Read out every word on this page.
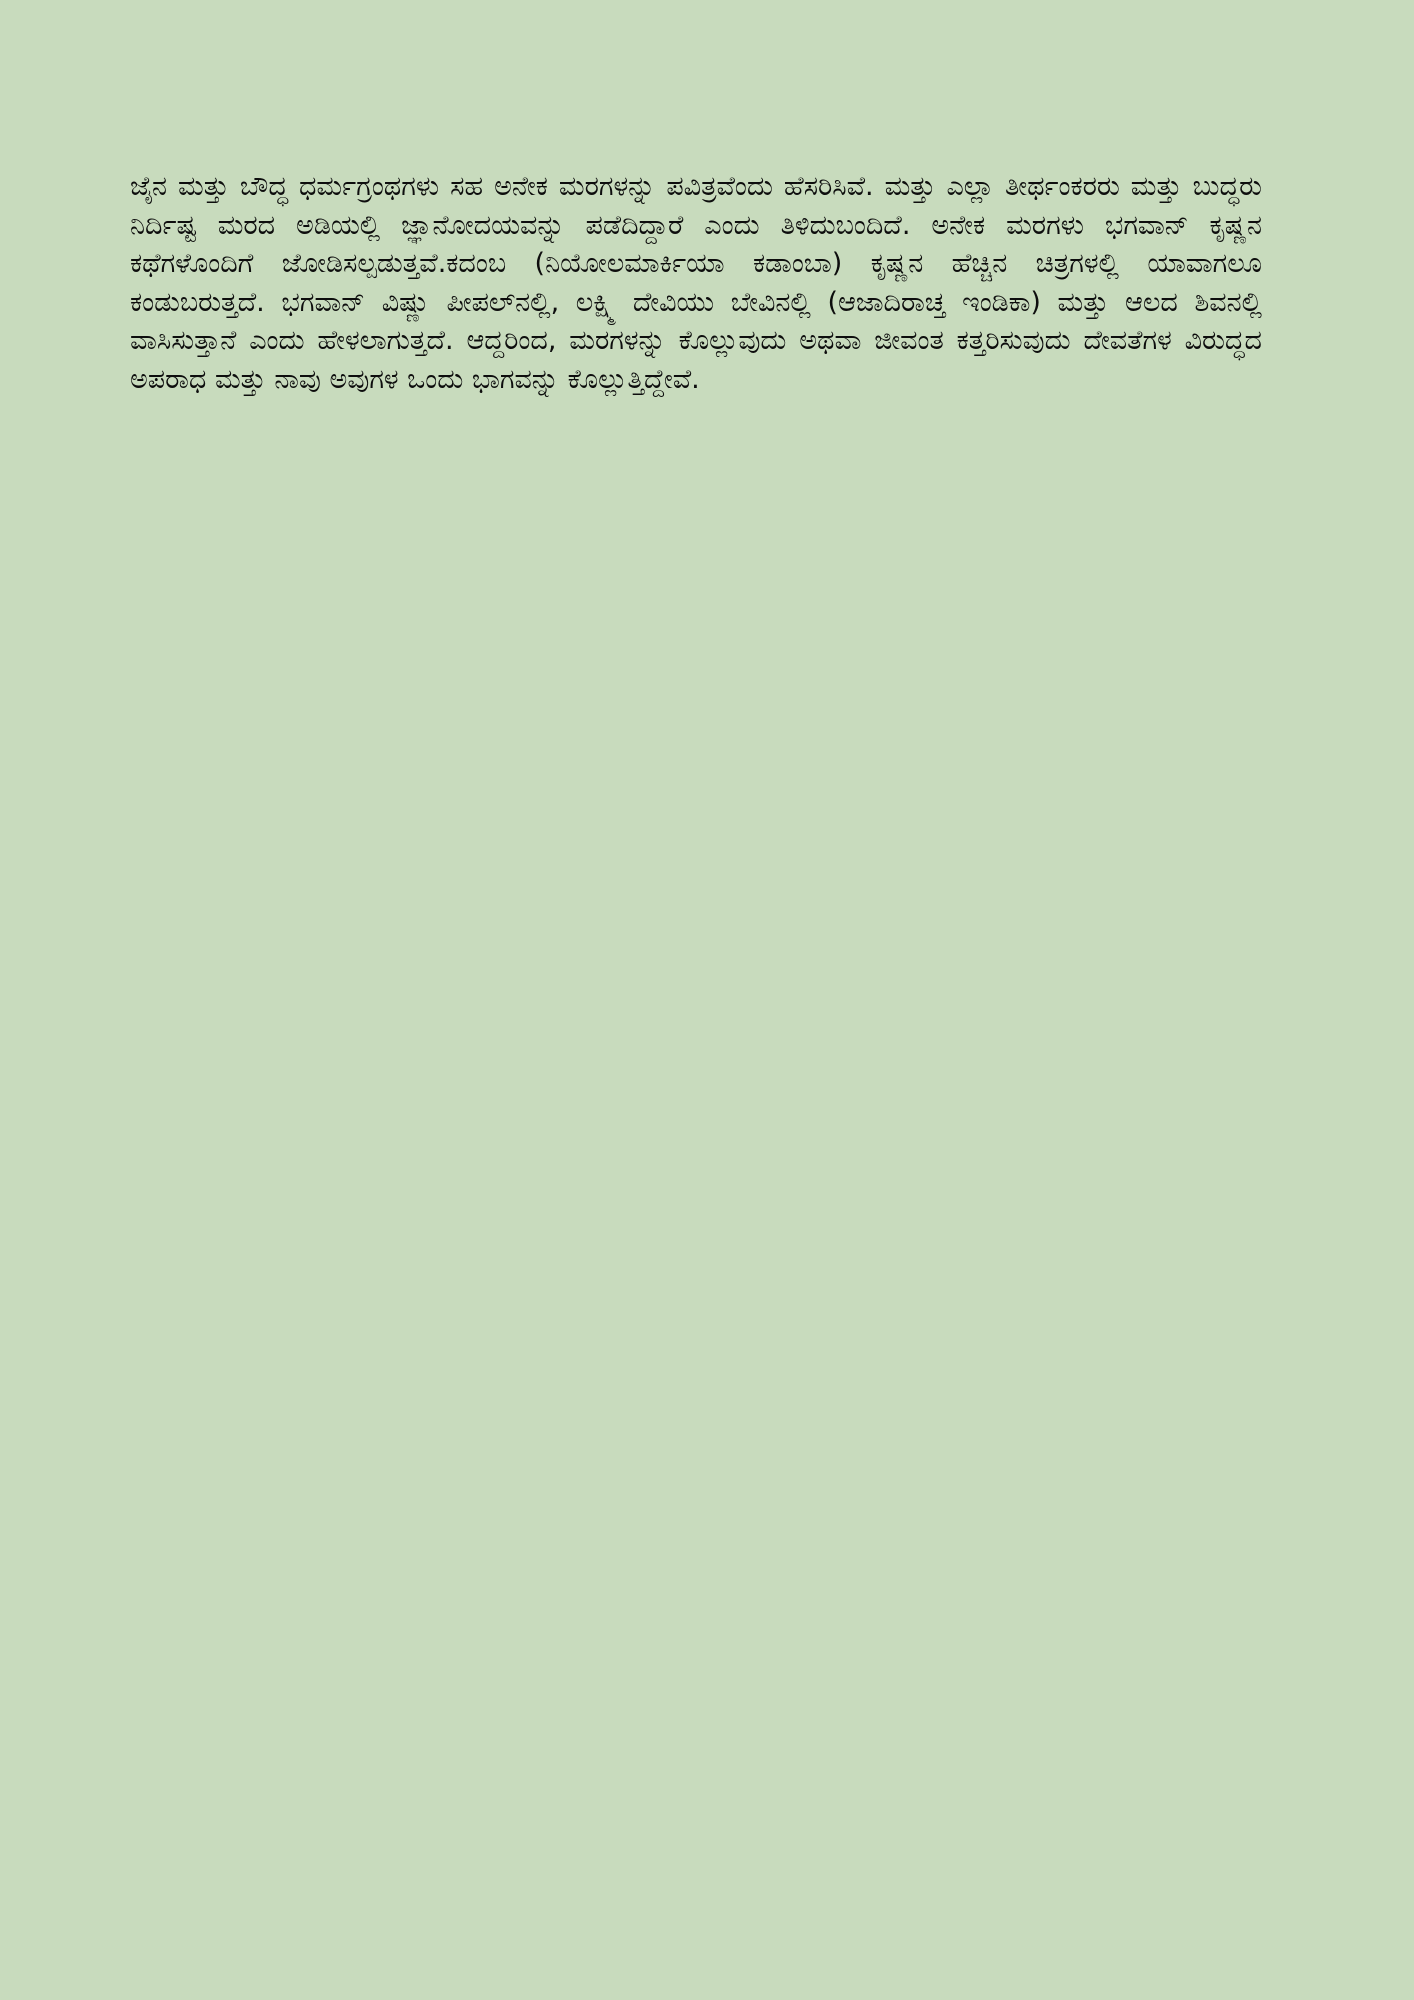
ಜೈನ ಮತ್ತು ಬೌದ್ಧ ಧರ್ಮಗ್ರಂಥಗಳು ಸಹ ಅನೇಕ ಮರಗಳನ್ನು ಪವಿತ್ರವೆಂದು ಹೆಸರಿಸಿವೆ. ಮತ್ತು ಎಲ್ಲಾ ತೀರ್ಥಂಕರರು ಮತ್ತು ಬುದ್ಧರು ನಿರ್ದಿಷ್ಟ ಮರದ ಅಡಿಯಲ್ಲಿ ಜ್ಞಾನೋದಯವನ್ನು ಪಡೆದಿದ್ದಾರೆ ಎಂದು ತಿಳಿದುಬಂದಿದೆ. ಅನೇಕ ಮರಗಳು ಭಗವಾನ್ ಕೃಷ್ಣನ ಕಥೆಗಳೊಂದಿಗೆ ಜೋಡಿಸಲ್ಪಡುತ್ತವೆ.ಕದಂಬ (ನಿಯೋಲಮಾರ್ಕಿಯಾ ಕಡಾಂಬಾ) ಕೃಷ್ಣನ ಹೆಚ್ಚಿನ ಚಿತ್ರಗಳಲ್ಲಿ ಯಾವಾಗಲೂ ಕಂಡುಬರುತ್ತದೆ. ಭಗವಾನ್ ವಿಷ್ಣು ಪೀಪಲ್‌ನಲ್ಲಿ, ಲಕ್ಷ್ಮಿ ದೇವಿಯು ಬೇವಿನಲ್ಲಿ (ಆಜಾದಿರಾಚ್ತ ಇಂಡಿಕಾ) ಮತ್ತು ಆಲದ ಶಿವನಲ್ಲಿ ವಾಸಿಸುತ್ತಾನೆ ಎಂದು ಹೇಳಲಾಗುತ್ತದೆ. ಆದ್ದರಿಂದ, ಮರಗಳನ್ನು ಕೊಲ್ಲುವುದು ಅಥವಾ ಜೀವಂತ ಕತ್ತರಿಸುವುದು ದೇವತೆಗಳ ವಿರುದ್ಧದ ಅಪರಾಧ ಮತ್ತು ನಾವು ಅವುಗಳ ಒಂದು ಭಾಗವನ್ನು ಕೊಲ್ಲುತ್ತಿದ್ದೇವೆ.
